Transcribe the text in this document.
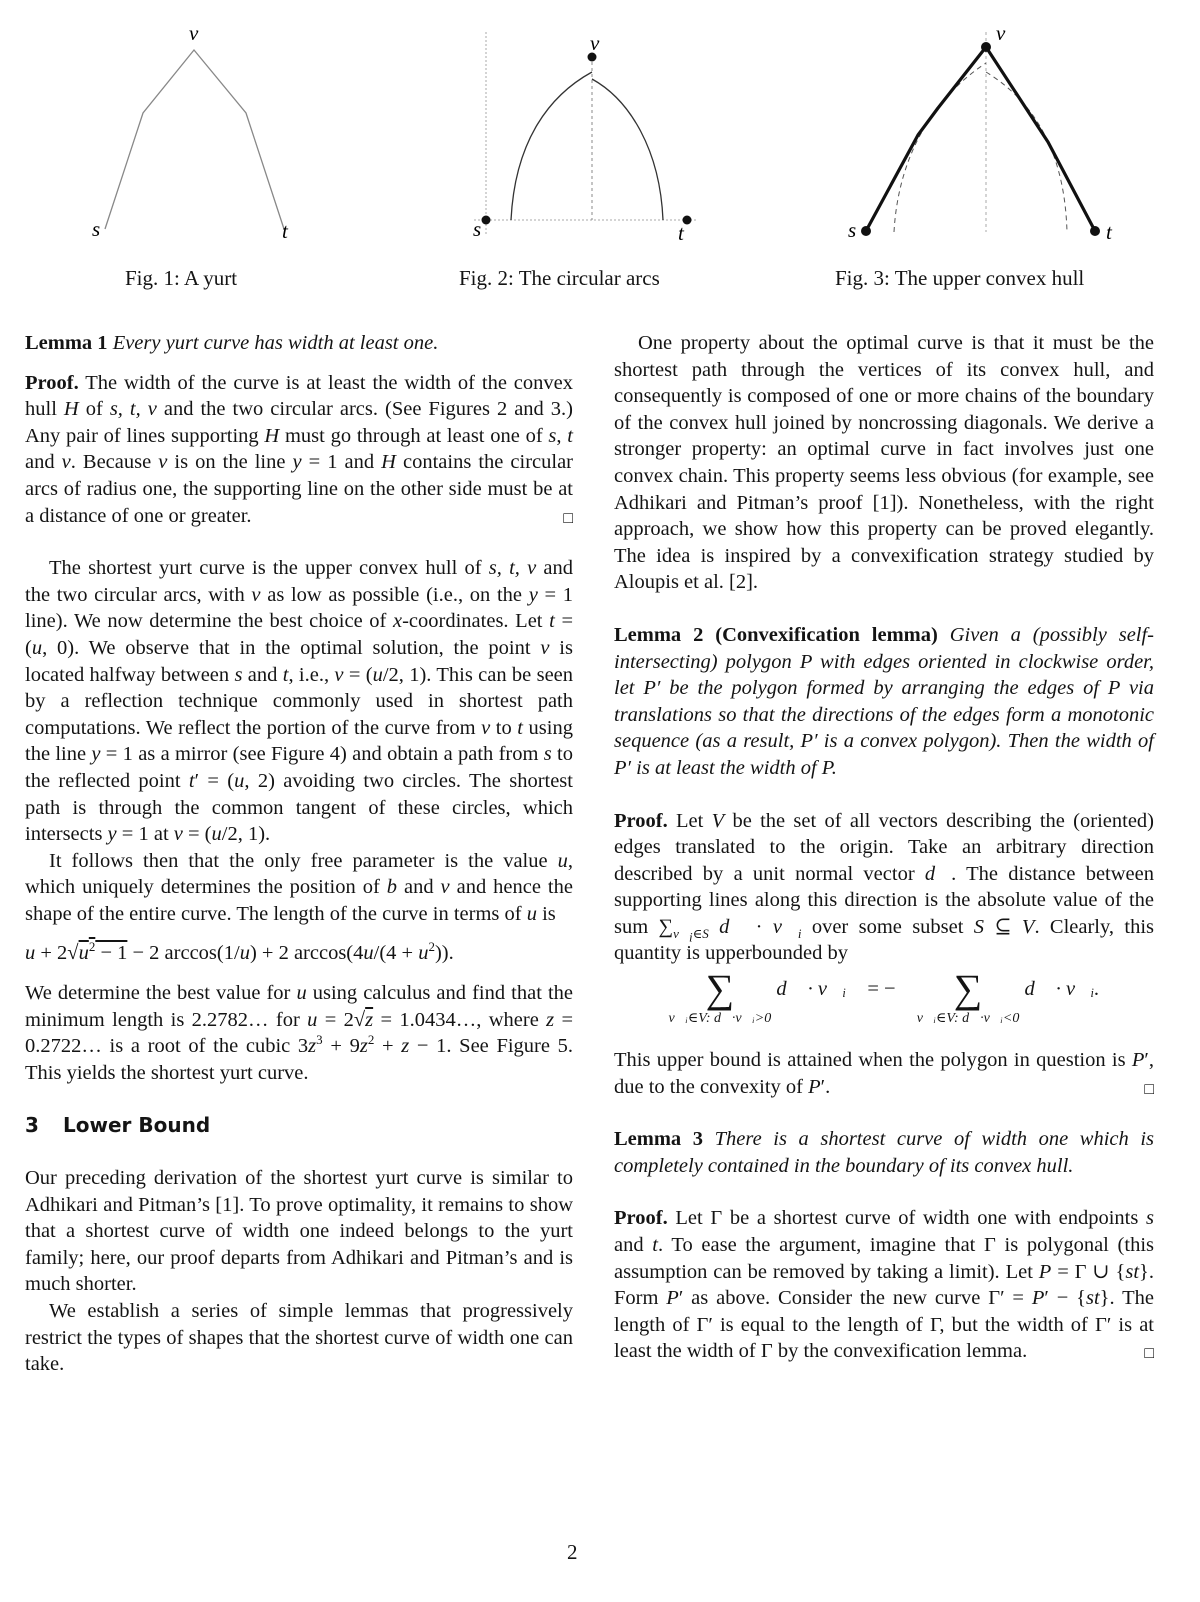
v
s	t
Fig. 1: A yurt
v
s	t
Fig. 2: The circular arcs
v
s	t
Fig. 3: The upper convex hull

Lemma 1 Every yurt curve has width at least one.

Proof. The width of the curve is at least the width of the convex hull H of s, t, v and the two circular arcs. (See Figures 2 and 3.) Any pair of lines supporting H must go through at least one of s, t and v. Because v is on the line y = 1 and H contains the circular arcs of radius one, the supporting line on the other side must be at a distance of one or greater.	□

The shortest yurt curve is the upper convex hull of s, t, v and the two circular arcs, with v as low as possible (i.e., on the y = 1 line). We now determine the best choice of x-coordinates. Let t = (u, 0). We observe that in the optimal solution, the point v is located halfway between s and t, i.e., v = (u/2, 1). This can be seen by a reflection technique commonly used in shortest path computations. We reflect the portion of the curve from v to t using the line y = 1 as a mirror (see Figure 4) and obtain a path from s to the reflected point t′ = (u, 2) avoiding two circles. The shortest path is through the common tangent of these circles, which intersects y = 1 at v = (u/2, 1).

It follows then that the only free parameter is the value u, which uniquely determines the position of b and v and hence the shape of the entire curve. The length of the curve in terms of u is

$u + 2√u^2 - 1 - 2$ arccos(1/u) + 2 $\arccos(4u/(4 + u^2))$.

We determine the best value for u using calculus and find that the minimum length is 2.2782… for u = 2√z = 1.0434…, where z = 0.2722… is a root of the cubic $3z^3 + 9z^2 + z - 1$. See Figure 5. This yields the shortest yurt curve.

3 Lower Bound

Our preceding derivation of the shortest yurt curve is similar to Adhikari and Pitman’s [1]. To prove optimality, it remains to show that a shortest curve of width one indeed belongs to the yurt family; here, our proof departs from Adhikari and Pitman’s and is much shorter.

We establish a series of simple lemmas that progressively restrict the types of shapes that the shortest curve of width one can take.

One property about the optimal curve is that it must be the shortest path through the vertices of its convex hull, and consequently is composed of one or more chains of the boundary of the convex hull joined by noncrossing diagonals. We derive a stronger property: an optimal curve in fact involves just one convex chain. This property seems less obvious (for example, see Adhikari and Pitman’s proof [1]). Nonetheless, with the right approach, we show how this property can be proved elegantly. The idea is inspired by a convexification strategy studied by Aloupis et al. [2].

Lemma 2 (Convexification lemma) Given a (possibly self-intersecting) polygon P with edges oriented in clockwise order, let P′ be the polygon formed by arranging the edges of P via translations so that the directions of the edges form a monotonic sequence (as a result, P′ is a convex polygon). Then the width of P′ is at least the width of P.

Proof. Let V be the set of all vectors describing the (oriented) edges translated to the origin. Take an arbitrary direction described by a unit normal vector d⃗. The distance between supporting lines along this direction is the absolute value of the sum $\sum_{v⃗_i\in S}$ d⃗ · $v⃗_i$ over some subset S ⊆ V. Clearly, this quantity is upperbounded by

∑
v⃗ᵢ∈V: d⃗·v⃗ᵢ>0
d⃗ · v⃗ᵢ = −	∑
v⃗ᵢ∈V: d⃗·v⃗ᵢ<0
d⃗ · v⃗ᵢ.

This upper bound is attained when the polygon in question is P′, due to the convexity of P′.	□

Lemma 3 There is a shortest curve of width one which is completely contained in the boundary of its convex hull.

Proof. Let Γ be a shortest curve of width one with endpoints s and t. To ease the argument, imagine that Γ is polygonal (this assumption can be removed by taking a limit). Let P = Γ ∪ {st}. Form P′ as above. Consider the new curve Γ′ = P′ − {st}. The length of Γ′ is equal to the length of Γ, but the width of Γ′ is at least the width of Γ by the convexification lemma.	□

2
